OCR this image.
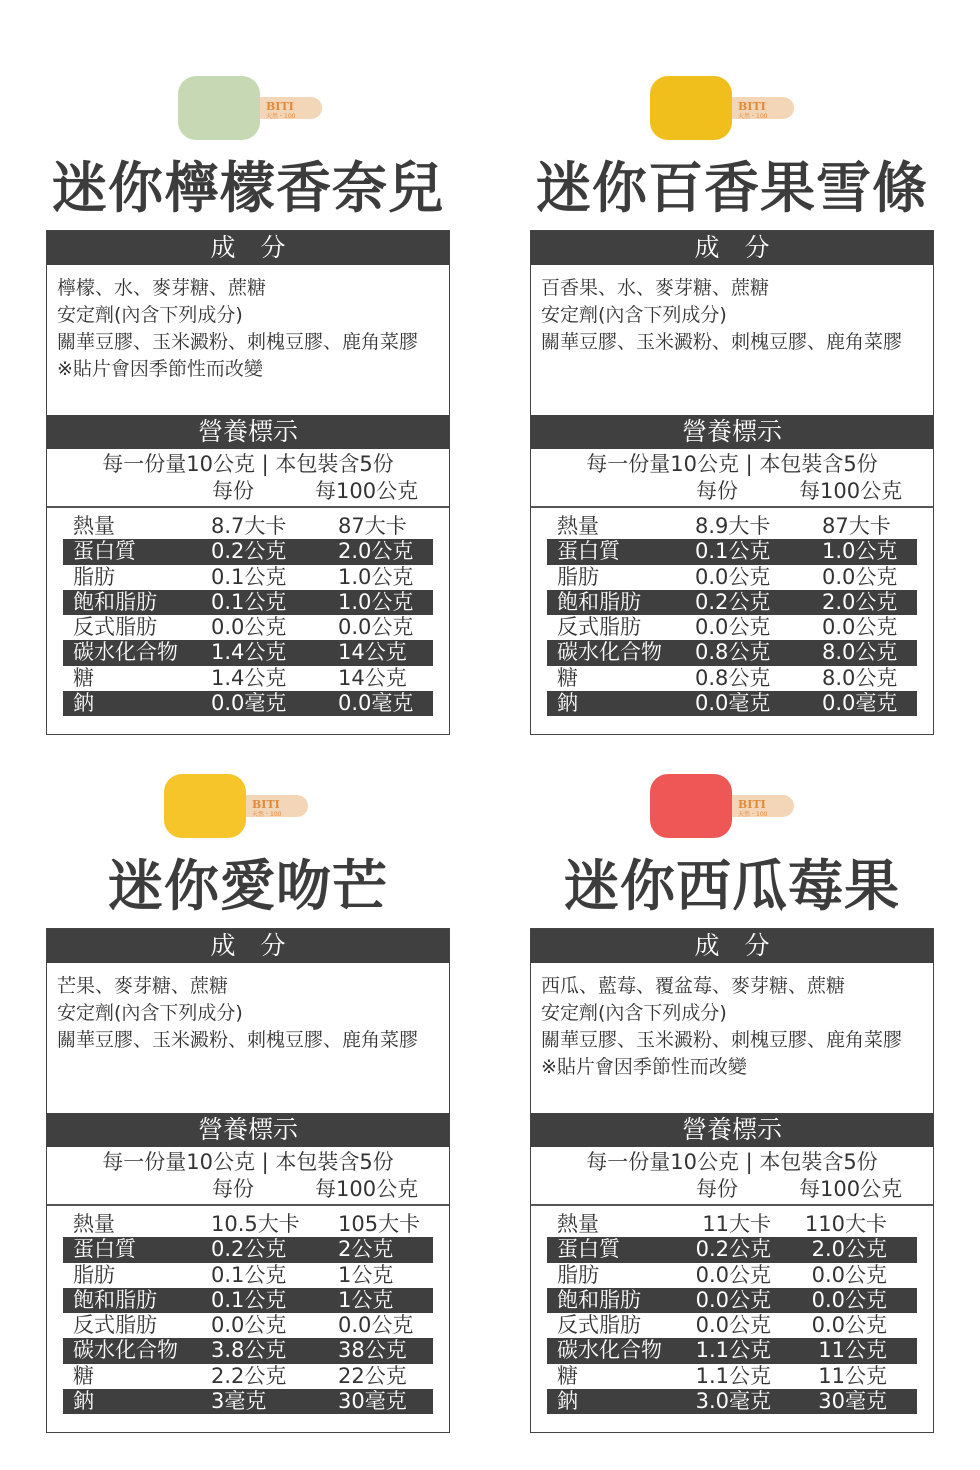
BITI
天然・100
迷你檸檬香奈兒
成　分
檸檬、水、麥芽糖、蔗糖
安定劑(內含下列成分)
關華豆膠、玉米澱粉、刺槐豆膠、鹿角菜膠
※貼片會因季節性而改變
營養標示
每一份量10公克 | 本包裝含5份
每份	每100公克
熱量	8.7大卡 87大卡
蛋白質	0.2公克 2.0公克
脂肪	0.1公克 1.0公克
飽和脂肪	0.1公克 1.0公克
反式脂肪	0.0公克 0.0公克
碳水化合物 1.4公克 14公克
糖	1.4公克 14公克
鈉	0.0毫克 0.0毫克
BITI
天然・100
迷你百香果雪條
成　分
百香果、水、麥芽糖、蔗糖
安定劑(內含下列成分)
關華豆膠、玉米澱粉、刺槐豆膠、鹿角菜膠
營養標示
每一份量10公克 | 本包裝含5份
每份	每100公克
熱量	8.9大卡 87大卡
蛋白質	0.1公克 1.0公克
脂肪	0.0公克 0.0公克
飽和脂肪	0.2公克 2.0公克
反式脂肪	0.0公克 0.0公克
碳水化合物 0.8公克 8.0公克
糖	0.8公克 8.0公克
鈉	0.0毫克 0.0毫克
BITI
天然・100
迷你愛吻芒
成　分
芒果、麥芽糖、蔗糖
安定劑(內含下列成分)
關華豆膠、玉米澱粉、刺槐豆膠、鹿角菜膠
營養標示
每一份量10公克 | 本包裝含5份
每份	每100公克
熱量	10.5大卡 105大卡
蛋白質	0.2公克 2公克
脂肪	0.1公克 1公克
飽和脂肪	0.1公克 1公克
反式脂肪	0.0公克 0.0公克
碳水化合物 3.8公克 38公克
糖	2.2公克 22公克
鈉	3毫克	30毫克
BITI
天然・100
迷你西瓜莓果
成　分
西瓜、藍莓、覆盆莓、麥芽糖、蔗糖
安定劑(內含下列成分)
關華豆膠、玉米澱粉、刺槐豆膠、鹿角菜膠
※貼片會因季節性而改變
營養標示
每一份量10公克 | 本包裝含5份
每份	每100公克
熱量	11大卡 110大卡
蛋白質	0.2公克 2.0公克
脂肪	0.0公克 0.0公克
飽和脂肪	0.0公克 0.0公克
反式脂肪	0.0公克 0.0公克
碳水化合物 1.1公克 11公克
糖	1.1公克 11公克
鈉	3.0毫克 30毫克
